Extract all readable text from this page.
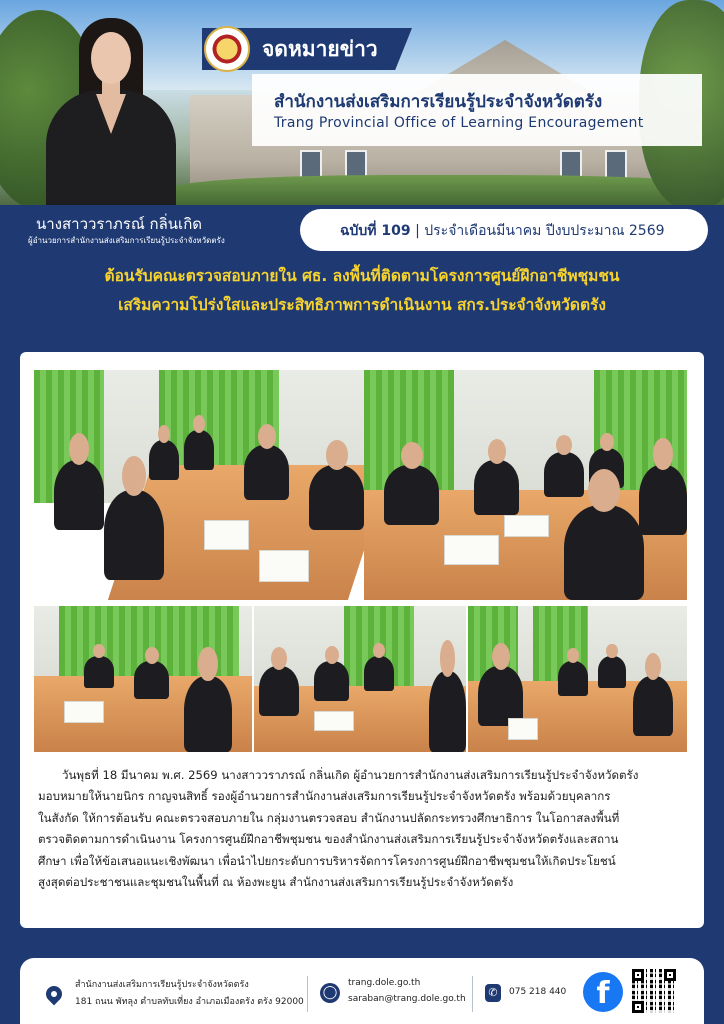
จดหมายข่าว
สำนักงานส่งเสริมการเรียนรู้ประจำจังหวัดตรัง
Trang Provincial Office of Learning Encouragement
นางสาววราภรณ์ กลิ่นเกิด
ผู้อำนวยการสำนักงานส่งเสริมการเรียนรู้ประจำจังหวัดตรัง
ฉบับที่ 109 | ประจำเดือนมีนาคม ปีงบประมาณ 2569
ต้อนรับคณะตรวจสอบภายใน ศธ. ลงพื้นที่ติดตามโครงการศูนย์ฝึกอาชีพชุมชน
เสริมความโปร่งใสและประสิทธิภาพการดำเนินงาน สกร.ประจำจังหวัดตรัง
วันพุธที่ 18 มีนาคม พ.ศ. 2569 นางสาววราภรณ์ กลิ่นเกิด ผู้อำนวยการสำนักงานส่งเสริมการเรียนรู้ประจำจังหวัดตรัง
มอบหมายให้นายนิกร กาญจนสิทธิ์ รองผู้อำนวยการสำนักงานส่งเสริมการเรียนรู้ประจำจังหวัดตรัง พร้อมด้วยบุคลากร
ในสังกัด ให้การต้อนรับ คณะตรวจสอบภายใน กลุ่มงานตรวจสอบ สำนักงานปลัดกระทรวงศึกษาธิการ ในโอกาสลงพื้นที่
ตรวจติดตามการดำเนินงาน โครงการศูนย์ฝึกอาชีพชุมชน ของสำนักงานส่งเสริมการเรียนรู้ประจำจังหวัดตรังและสถาน
ศึกษา เพื่อให้ข้อเสนอแนะเชิงพัฒนา เพื่อนำไปยกระดับการบริหารจัดการโครงการศูนย์ฝึกอาชีพชุมชนให้เกิดประโยชน์
สูงสุดต่อประชาชนและชุมชนในพื้นที่ ณ ห้องพะยูน สำนักงานส่งเสริมการเรียนรู้ประจำจังหวัดตรัง
สำนักงานส่งเสริมการเรียนรู้ประจำจังหวัดตรัง
181 ถนน พัทลุง ตำบลทับเที่ยง อำเภอเมืองตรัง ตรัง 92000
◯
trang.dole.go.th
saraban@trang.dole.go.th	✆	075 218 440	f
